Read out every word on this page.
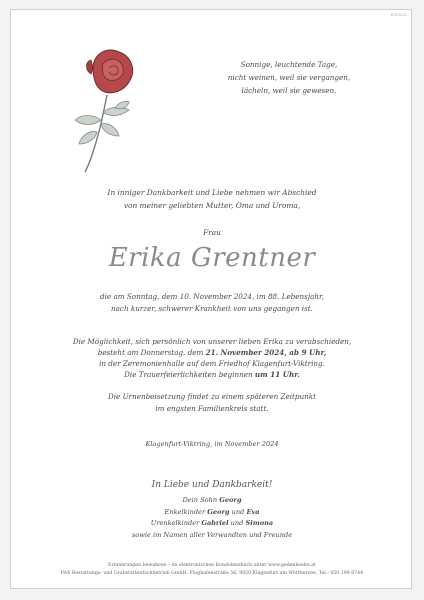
E0F3602
Sonnige, leuchtende Tage,
nicht weinen, weil sie vergangen,
lächeln, weil sie gewesen.
In inniger Dankbarkeit und Liebe nehmen wir Abschied
von meiner geliebten Mutter, Oma und Uroma,
Frau
Erika Grentner
die am Sonntag, dem 10. November 2024, im 88. Lebensjahr,
nach kurzer, schwerer Krankheit von uns gegangen ist.
Die Möglichkeit, sich persönlich von unserer lieben Erika zu verabschieden,
besteht am Donnerstag, dem 21. November 2024, ab 9 Uhr,
in der Zeremonienhalle auf dem Friedhof Klagenfurt-Viktring.
Die Trauerfeierlichkeiten beginnen um 11 Uhr.
Die Urnenbeisetzung findet zu einem späteren Zeitpunkt
im engsten Familienkreis statt.
Klagenfurt-Viktring, im November 2024
In Liebe und Dankbarkeit!
Dein Sohn Georg
Enkelkinder Georg und Eva
Urenkelkinder Gabriel und Simona
sowie im Namen aller Verwandten und Freunde
Erinnerungen bewahren – im elektronischen Kondolenzbuch unter www.gedenkseite.at
PAX Bestattungs- und Grabstättenfachbetrieb GmbH, Flughafenstraße 56, 9020 Klagenfurt am Wörthersee, Tel.: 050 199 6744
